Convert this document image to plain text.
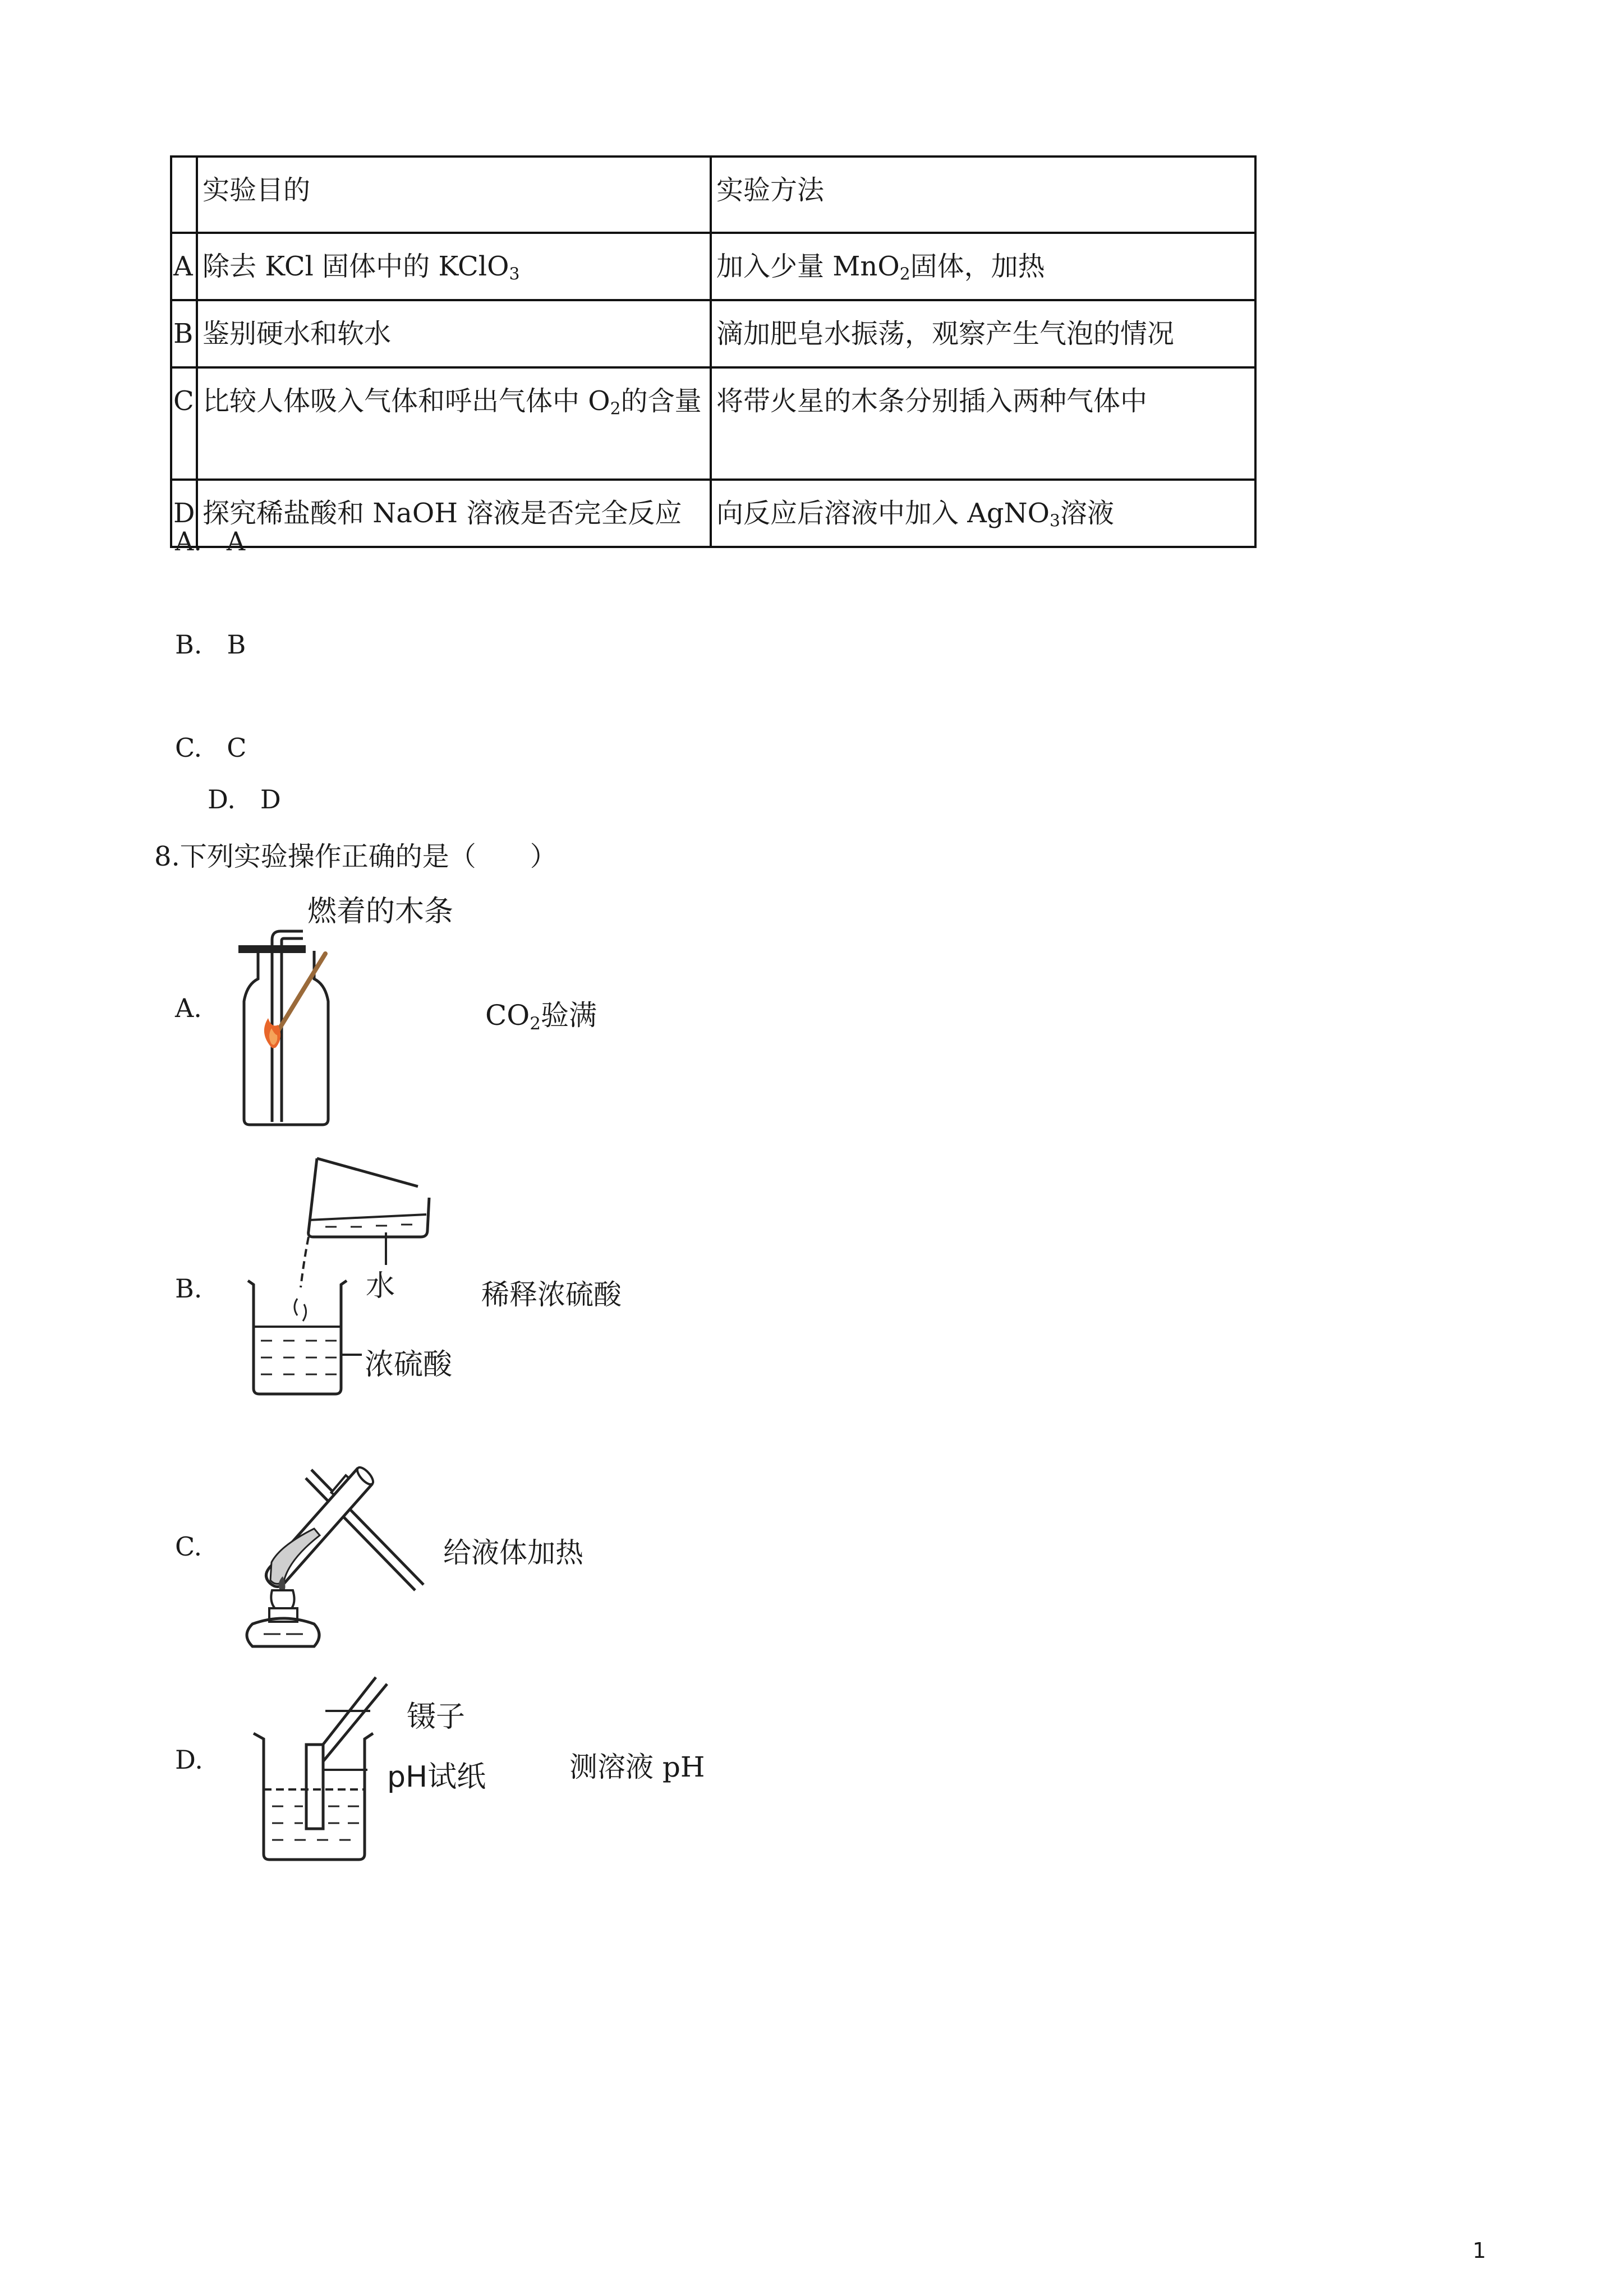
	实验目的	实验方法
A	除去 KCl 固体中的 KClO$_3$	加入少量 MnO$_2$固体，加热
B	鉴别硬水和软水	滴加肥皂水振荡，观察产生气泡的情况
C	比较人体吸入气体和呼出气体中 $O_2$的含量	将带火星的木条分别插入两种气体中
D	探究稀盐酸和 NaOH 溶液是否完全反应	向反应后溶液中加入 AgNO$_3$溶液
A. A
B. B
C. C
D. D
8.下列实验操作正确的是（　　）
A.
燃着的木条
$CO_2$验满
B.	水
浓硫酸
稀释浓硫酸
C.	给液体加热
D.
镊子
pH试纸	测溶液 pH
1
